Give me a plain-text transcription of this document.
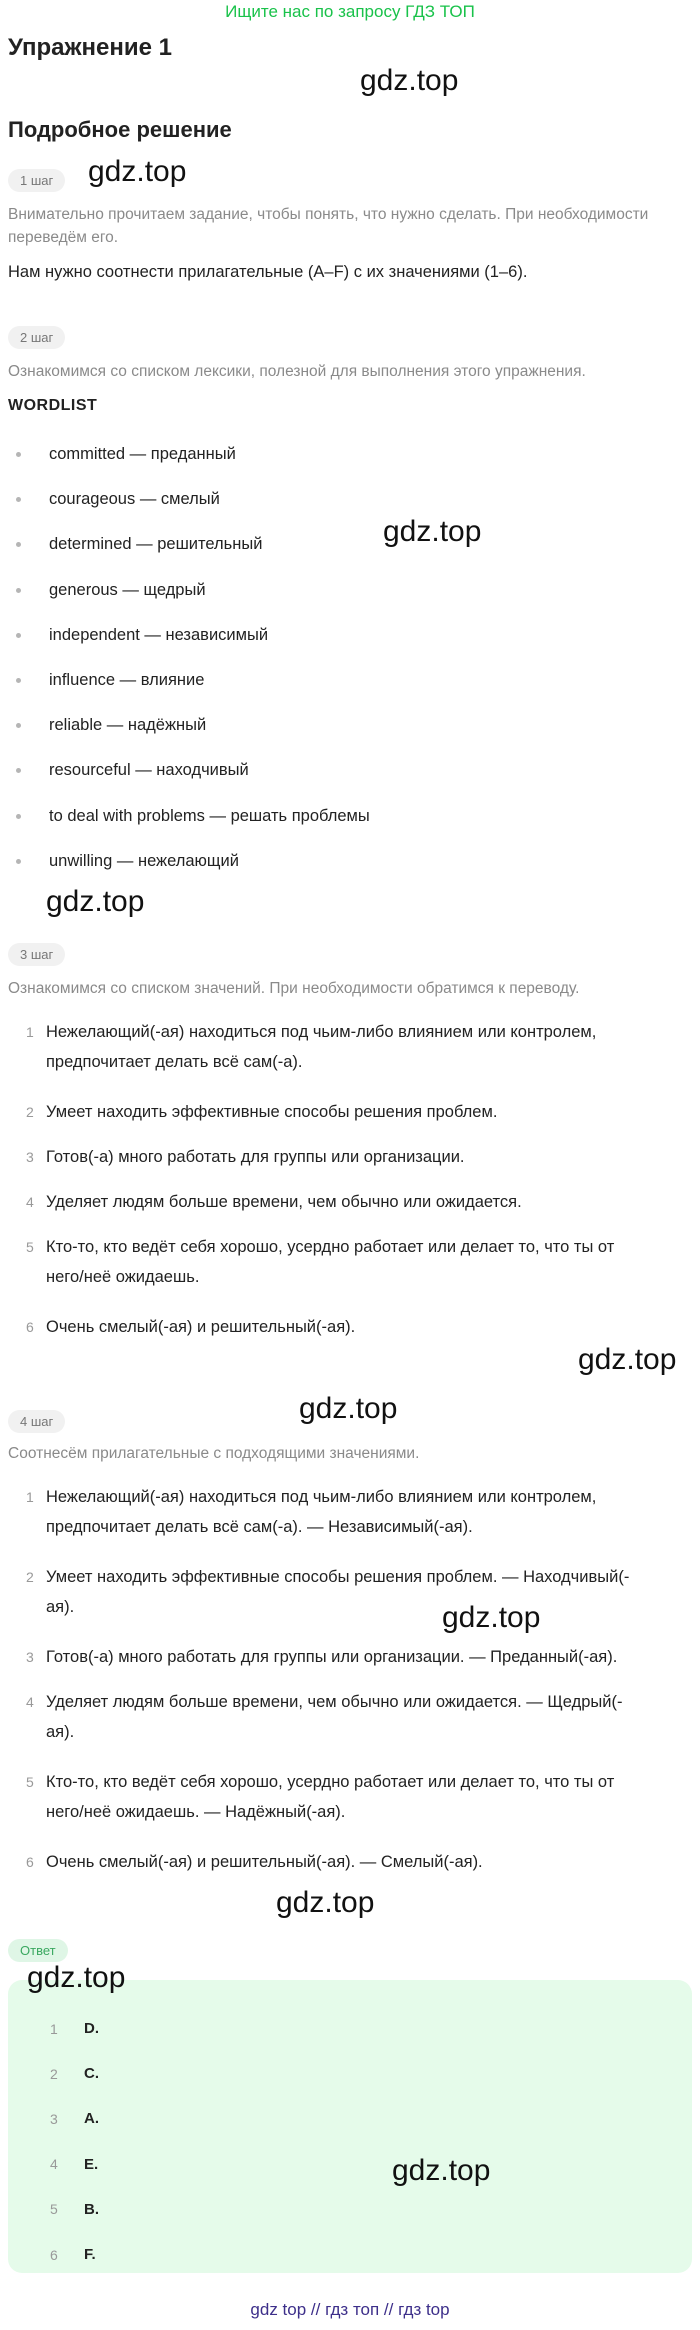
Ищите нас по запросу ГДЗ ТОП
Упражнение 1
gdz.top
Подробное решение
1 шаг	gdz.top
Внимательно прочитаем задание, чтобы понять, что нужно сделать. При необходимости переведём его.
Нам нужно соотнести прилагательные (A–F) с их значениями (1–6).
2 шаг
Ознакомимся со списком лексики, полезной для выполнения этого упражнения.
WORDLIST
committed — преданный
courageous — смелый
determined — решительный
generous — щедрый
independent — независимый
influence — влияние
reliable — надёжный
resourceful — находчивый
to deal with problems — решать проблемы
unwilling — нежелающий
gdz.top
gdz.top
3 шаг
Ознакомимся со списком значений. При необходимости обратимся к переводу.
1 Нежелающий(-ая) находиться под чьим-либо влиянием или контролем,
предпочитает делать всё сам(-а).
2 Умеет находить эффективные способы решения проблем.
3 Готов(-а) много работать для группы или организации.
4 Уделяет людям больше времени, чем обычно или ожидается.
5 Кто-то, кто ведёт себя хорошо, усердно работает или делает то, что ты от
него/неё ожидаешь.
6 Очень смелый(-ая) и решительный(-ая).
gdz.top
gdz.top
4 шаг
Соотнесём прилагательные с подходящими значениями.
1 Нежелающий(-ая) находиться под чьим-либо влиянием или контролем,
предпочитает делать всё сам(-а). — Независимый(-ая).
2 Умеет находить эффективные способы решения проблем. — Находчивый(-
ая).
3 Готов(-а) много работать для группы или организации. — Преданный(-ая).
4 Уделяет людям больше времени, чем обычно или ожидается. — Щедрый(-
ая).
5 Кто-то, кто ведёт себя хорошо, усердно работает или делает то, что ты от
него/неё ожидаешь. — Надёжный(-ая).
6 Очень смелый(-ая) и решительный(-ая). — Смелый(-ая).
gdz.top
gdz.top
Ответ
gdz.top
1	D.
2	C.
3	A.
4	E.
5	B.
6	F.
gdz.top
gdz top // гдз топ // гдз top
